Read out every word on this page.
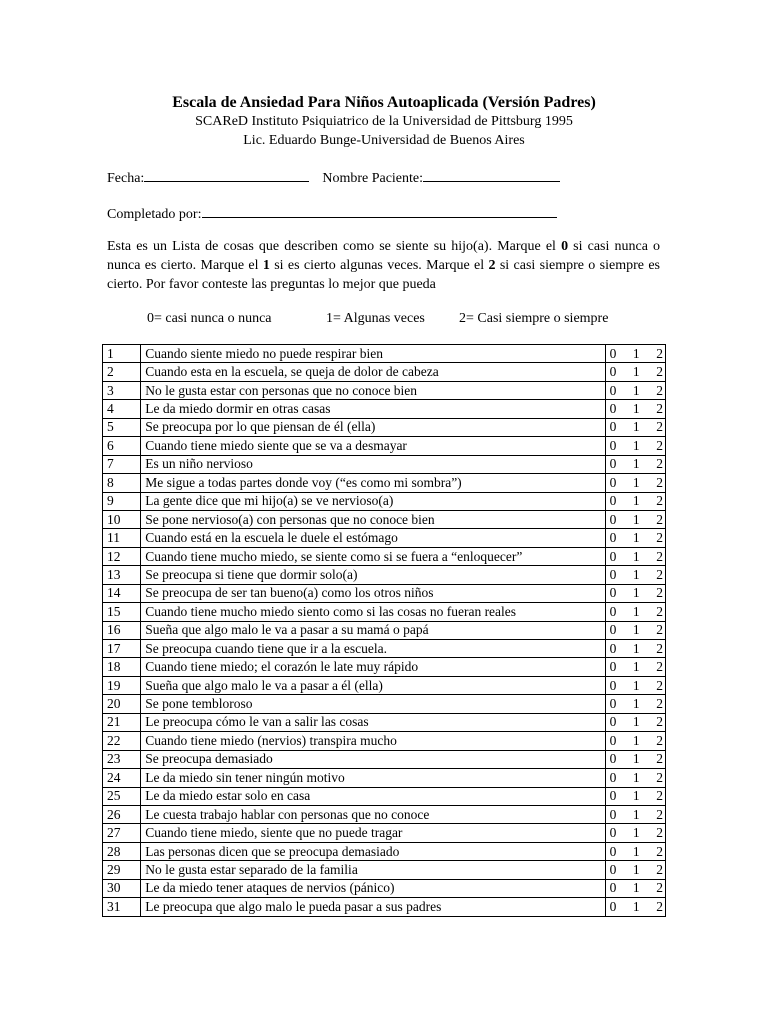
Escala de Ansiedad Para Niños Autoaplicada (Versión Padres)
SCAReD Instituto Psiquiatrico de la Universidad de Pittsburg 1995
Lic. Eduardo Bunge-Universidad de Buenos Aires
Fecha:	Nombre Paciente:
Completado por:
Esta es un Lista de cosas que describen como se siente su hijo(a). Marque el 0 si casi nunca o nunca es cierto. Marque el 1 si es cierto algunas veces. Marque el 2 si casi siempre o siempre es cierto. Por favor conteste las preguntas lo mejor que pueda
0= casi nunca o nunca	1= Algunas veces 2= Casi siempre o siempre
1	Cuando siente miedo no puede respirar bien	0 1 2

2	Cuando esta en la escuela, se queja de dolor de cabeza	0 1 2

3	No le gusta estar con personas que no conoce bien	0 1 2

4	Le da miedo dormir en otras casas	0 1 2

5	Se preocupa por lo que piensan de él (ella)	0 1 2

6	Cuando tiene miedo siente que se va a desmayar	0 1 2

7	Es un niño nervioso	0 1 2

8	Me sigue a todas partes donde voy (“es como mi sombra”)	0 1 2

9	La gente dice que mi hijo(a) se ve nervioso(a)	0 1 2

10	Se pone nervioso(a) con personas que no conoce bien	0 1 2

11	Cuando está en la escuela le duele el estómago	0 1 2

12	Cuando tiene mucho miedo, se siente como si se fuera a “enloquecer”	0 1 2

13	Se preocupa si tiene que dormir solo(a)	0 1 2

14	Se preocupa de ser tan bueno(a) como los otros niños	0 1 2

15	Cuando tiene mucho miedo siento como si las cosas no fueran reales	0 1 2

16	Sueña que algo malo le va a pasar a su mamá o papá	0 1 2

17	Se preocupa cuando tiene que ir a la escuela.	0 1 2

18	Cuando tiene miedo; el corazón le late muy rápido	0 1 2

19	Sueña que algo malo le va a pasar a él (ella)	0 1 2

20	Se pone tembloroso	0 1 2

21	Le preocupa cómo le van a salir las cosas	0 1 2

22	Cuando tiene miedo (nervios) transpira mucho	0 1 2

23	Se preocupa demasiado	0 1 2

24	Le da miedo sin tener ningún motivo	0 1 2

25	Le da miedo estar solo en casa	0 1 2

26	Le cuesta trabajo hablar con personas que no conoce	0 1 2

27	Cuando tiene miedo, siente que no puede tragar	0 1 2

28	Las personas dicen que se preocupa demasiado	0 1 2

29	No le gusta estar separado de la familia	0 1 2

30	Le da miedo tener ataques de nervios (pánico)	0 1 2

31	Le preocupa que algo malo le pueda pasar a sus padres	0 1 2
